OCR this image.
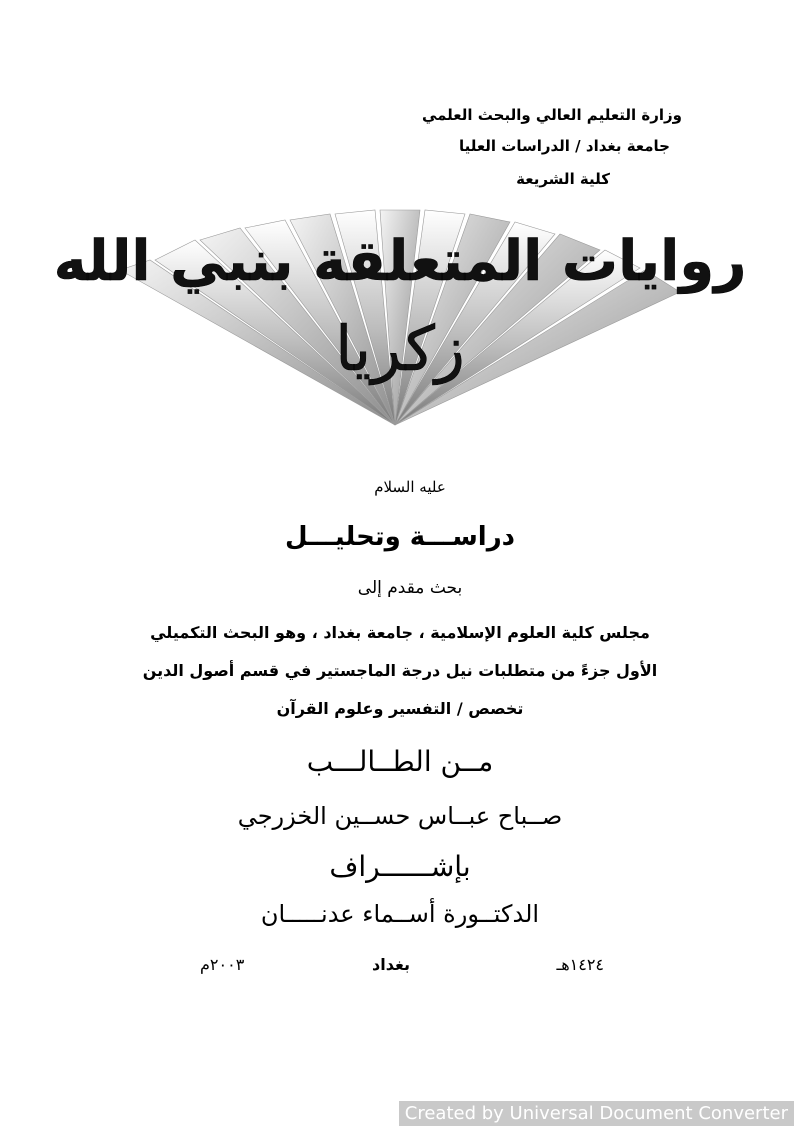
وزارة التعليم العالي والبحث العلمي
جامعة بغداد / الدراسات العليا
كلية الشريعة
روايات المتعلقة بنبي الله
زكريا
عليه السلام
دراســـة وتحليـــل
بحث مقدم إلى
مجلس كلية العلوم الإسلامية ، جامعة بغداد ، وهو البحث التكميلي
الأول جزءً من متطلبات نيل درجة الماجستير في قسم أصول الدين
تخصص / التفسير وعلوم القرآن
مــن الطــالـــب
صــباح عبــاس حســين الخزرجي
بإشــــــراف
الدكتــورة أســماء عدنـــــان
١٤٢٤هـ
بغداد
٢٠٠٣م
Created by Universal Document Converter
